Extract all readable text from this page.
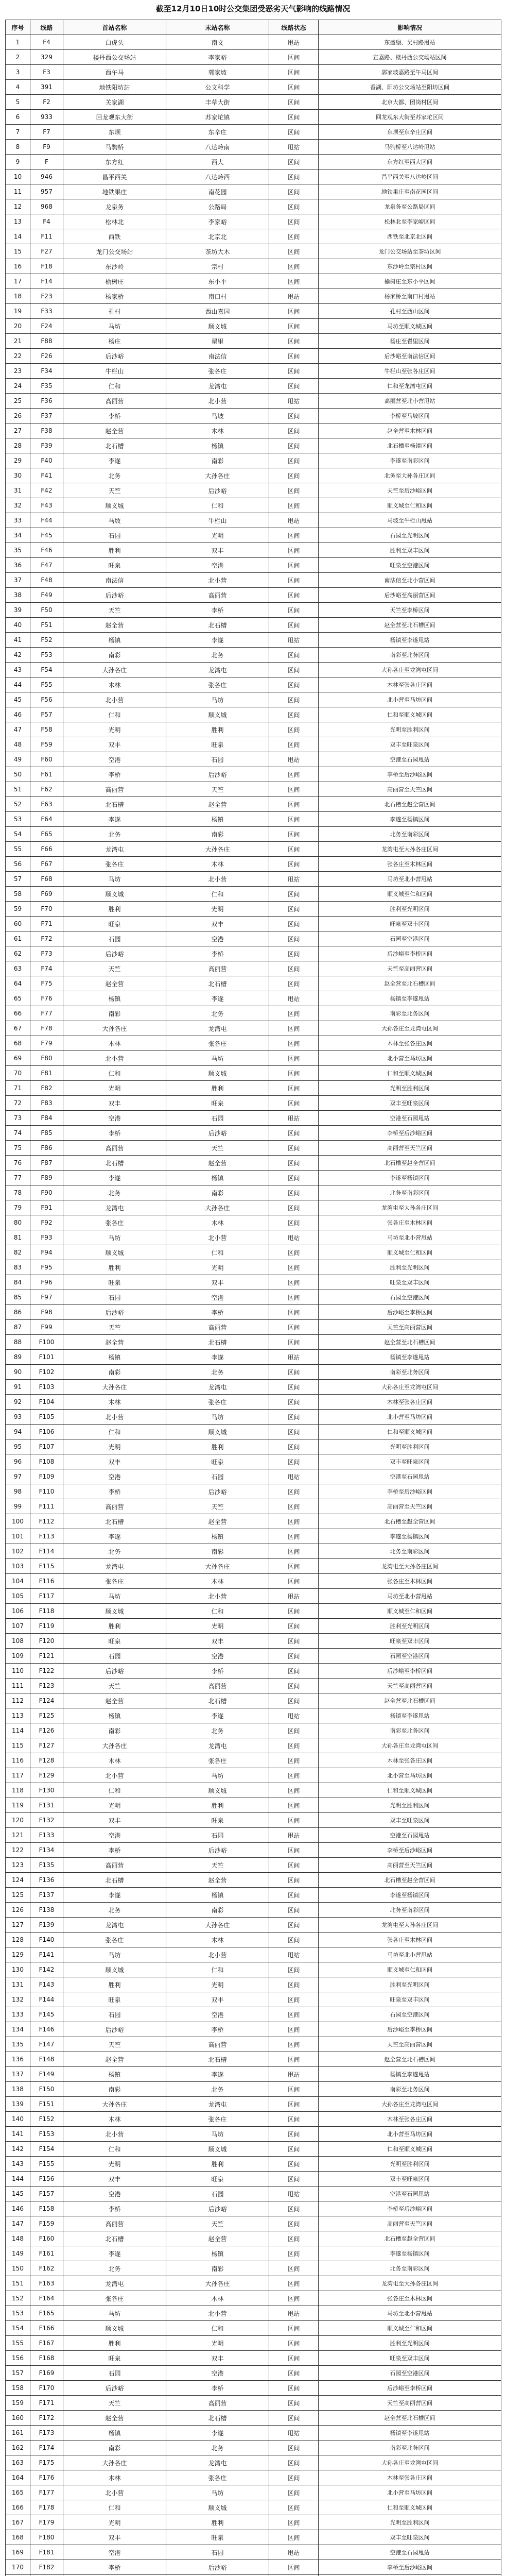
截至12月10日10时公交集团受恶劣天气影响的线路情况
序号	线路	首站名称	末站名称	线路状态	影响情况
1	F4	白虎头	南文	甩站	东盛堡、吴村路甩站
2	329	楼丹西公交场站	李家峪	区间	宣嘉路、楼丹西公交场站区间
3	F3	西午马	郭家坡	区间	郭家坡嘉路至午马区间
4	391	地铁阳坊站	公文科学	区间	香湖、阳坊公交场站至阳坊区间
5	F2	关家湖	丰草大街	区间	北京大都、团岗村区间
6	933	回龙观东大街	苏家坨镇	区间	回龙观东大街至苏家坨区间
7	F7	东坝	东辛庄	区间	东坝至东辛庄区间
8	F9	马驹桥	八达岭南	甩站	马驹桥至八达岭甩站
9	F	东方红	西大	区间	东方红至西大区间
10	946	昌平西关	八达岭西	区间	昌平西关至八达岭区间
11	957	地铁果庄	南花园	区间	地铁果庄至南花园区间
12	968	龙泉务	公路局	区间	龙泉务至公路局区间
13	F4	松林北	李家峪	区间	松林北至李家峪区间
14	F11	西铁	北京北	区间	西铁至北京北区间
15	F27	龙门公交场站	茶坊大木	区间	龙门公交场站至茶坊区间
16	F18	东沙岭	宗村	区间	东沙岭至宗村区间
17	F14	榆树庄	东小平	区间	榆树庄至东小平区间
18	F23	杨家桥	南口村	甩站	杨家桥至南口村甩站
19	F33	孔村	西山嘉园	区间	孔村至西山区间
20	F24	马坊	顺义城	区间	马坊至顺义城区间
21	F88	杨庄	翟里	区间	杨庄至翟里区间
22	F26	后沙峪	南法信	区间	后沙峪至南法信区间
23	F34	牛栏山	张各庄	区间	牛栏山至张各庄区间
24	F35	仁和	龙湾屯	区间	仁和至龙湾屯区间
25	F36	高丽营	北小营	甩站	高丽营至北小营甩站
26	F37	李桥	马坡	区间	李桥至马坡区间
27	F38	赵全营	木林	区间	赵全营至木林区间
28	F39	北石槽	杨镇	区间	北石槽至杨镇区间
29	F40	李遂	南彩	区间	李遂至南彩区间
30	F41	北务	大孙各庄	区间	北务至大孙各庄区间
31	F42	天竺	后沙峪	区间	天竺至后沙峪区间
32	F43	顺义城	仁和	区间	顺义城至仁和区间
33	F44	马坡	牛栏山	甩站	马坡至牛栏山甩站
34	F45	石园	光明	区间	石园至光明区间
35	F46	胜利	双丰	区间	胜利至双丰区间
36	F47	旺泉	空港	区间	旺泉至空港区间
37	F48	南法信	北小营	区间	南法信至北小营区间
38	F49	后沙峪	高丽营	区间	后沙峪至高丽营区间
39	F50	天竺	李桥	区间	天竺至李桥区间
40	F51	赵全营	北石槽	区间	赵全营至北石槽区间
41	F52	杨镇	李遂	甩站	杨镇至李遂甩站
42	F53	南彩	北务	区间	南彩至北务区间
43	F54	大孙各庄	龙湾屯	区间	大孙各庄至龙湾屯区间
44	F55	木林	张各庄	区间	木林至张各庄区间
45	F56	北小营	马坊	区间	北小营至马坊区间
46	F57	仁和	顺义城	区间	仁和至顺义城区间
47	F58	光明	胜利	区间	光明至胜利区间
48	F59	双丰	旺泉	区间	双丰至旺泉区间
49	F60	空港	石园	甩站	空港至石园甩站
50	F61	李桥	后沙峪	区间	李桥至后沙峪区间
51	F62	高丽营	天竺	区间	高丽营至天竺区间
52	F63	北石槽	赵全营	区间	北石槽至赵全营区间
53	F64	李遂	杨镇	区间	李遂至杨镇区间
54	F65	北务	南彩	区间	北务至南彩区间
55	F66	龙湾屯	大孙各庄	区间	龙湾屯至大孙各庄区间
56	F67	张各庄	木林	区间	张各庄至木林区间
57	F68	马坊	北小营	甩站	马坊至北小营甩站
58	F69	顺义城	仁和	区间	顺义城至仁和区间
59	F70	胜利	光明	区间	胜利至光明区间
60	F71	旺泉	双丰	区间	旺泉至双丰区间
61	F72	石园	空港	区间	石园至空港区间
62	F73	后沙峪	李桥	区间	后沙峪至李桥区间
63	F74	天竺	高丽营	区间	天竺至高丽营区间
64	F75	赵全营	北石槽	区间	赵全营至北石槽区间
65	F76	杨镇	李遂	甩站	杨镇至李遂甩站
66	F77	南彩	北务	区间	南彩至北务区间
67	F78	大孙各庄	龙湾屯	区间	大孙各庄至龙湾屯区间
68	F79	木林	张各庄	区间	木林至张各庄区间
69	F80	北小营	马坊	区间	北小营至马坊区间
70	F81	仁和	顺义城	区间	仁和至顺义城区间
71	F82	光明	胜利	区间	光明至胜利区间
72	F83	双丰	旺泉	区间	双丰至旺泉区间
73	F84	空港	石园	甩站	空港至石园甩站
74	F85	李桥	后沙峪	区间	李桥至后沙峪区间
75	F86	高丽营	天竺	区间	高丽营至天竺区间
76	F87	北石槽	赵全营	区间	北石槽至赵全营区间
77	F89	李遂	杨镇	区间	李遂至杨镇区间
78	F90	北务	南彩	区间	北务至南彩区间
79	F91	龙湾屯	大孙各庄	区间	龙湾屯至大孙各庄区间
80	F92	张各庄	木林	区间	张各庄至木林区间
81	F93	马坊	北小营	甩站	马坊至北小营甩站
82	F94	顺义城	仁和	区间	顺义城至仁和区间
83	F95	胜利	光明	区间	胜利至光明区间
84	F96	旺泉	双丰	区间	旺泉至双丰区间
85	F97	石园	空港	区间	石园至空港区间
86	F98	后沙峪	李桥	区间	后沙峪至李桥区间
87	F99	天竺	高丽营	区间	天竺至高丽营区间
88	F100	赵全营	北石槽	区间	赵全营至北石槽区间
89	F101	杨镇	李遂	甩站	杨镇至李遂甩站
90	F102	南彩	北务	区间	南彩至北务区间
91	F103	大孙各庄	龙湾屯	区间	大孙各庄至龙湾屯区间
92	F104	木林	张各庄	区间	木林至张各庄区间
93	F105	北小营	马坊	区间	北小营至马坊区间
94	F106	仁和	顺义城	区间	仁和至顺义城区间
95	F107	光明	胜利	区间	光明至胜利区间
96	F108	双丰	旺泉	区间	双丰至旺泉区间
97	F109	空港	石园	甩站	空港至石园甩站
98	F110	李桥	后沙峪	区间	李桥至后沙峪区间
99	F111	高丽营	天竺	区间	高丽营至天竺区间
100	F112	北石槽	赵全营	区间	北石槽至赵全营区间
101	F113	李遂	杨镇	区间	李遂至杨镇区间
102	F114	北务	南彩	区间	北务至南彩区间
103	F115	龙湾屯	大孙各庄	区间	龙湾屯至大孙各庄区间
104	F116	张各庄	木林	区间	张各庄至木林区间
105	F117	马坊	北小营	甩站	马坊至北小营甩站
106	F118	顺义城	仁和	区间	顺义城至仁和区间
107	F119	胜利	光明	区间	胜利至光明区间
108	F120	旺泉	双丰	区间	旺泉至双丰区间
109	F121	石园	空港	区间	石园至空港区间
110	F122	后沙峪	李桥	区间	后沙峪至李桥区间
111	F123	天竺	高丽营	区间	天竺至高丽营区间
112	F124	赵全营	北石槽	区间	赵全营至北石槽区间
113	F125	杨镇	李遂	甩站	杨镇至李遂甩站
114	F126	南彩	北务	区间	南彩至北务区间
115	F127	大孙各庄	龙湾屯	区间	大孙各庄至龙湾屯区间
116	F128	木林	张各庄	区间	木林至张各庄区间
117	F129	北小营	马坊	区间	北小营至马坊区间
118	F130	仁和	顺义城	区间	仁和至顺义城区间
119	F131	光明	胜利	区间	光明至胜利区间
120	F132	双丰	旺泉	区间	双丰至旺泉区间
121	F133	空港	石园	甩站	空港至石园甩站
122	F134	李桥	后沙峪	区间	李桥至后沙峪区间
123	F135	高丽营	天竺	区间	高丽营至天竺区间
124	F136	北石槽	赵全营	区间	北石槽至赵全营区间
125	F137	李遂	杨镇	区间	李遂至杨镇区间
126	F138	北务	南彩	区间	北务至南彩区间
127	F139	龙湾屯	大孙各庄	区间	龙湾屯至大孙各庄区间
128	F140	张各庄	木林	区间	张各庄至木林区间
129	F141	马坊	北小营	甩站	马坊至北小营甩站
130	F142	顺义城	仁和	区间	顺义城至仁和区间
131	F143	胜利	光明	区间	胜利至光明区间
132	F144	旺泉	双丰	区间	旺泉至双丰区间
133	F145	石园	空港	区间	石园至空港区间
134	F146	后沙峪	李桥	区间	后沙峪至李桥区间
135	F147	天竺	高丽营	区间	天竺至高丽营区间
136	F148	赵全营	北石槽	区间	赵全营至北石槽区间
137	F149	杨镇	李遂	甩站	杨镇至李遂甩站
138	F150	南彩	北务	区间	南彩至北务区间
139	F151	大孙各庄	龙湾屯	区间	大孙各庄至龙湾屯区间
140	F152	木林	张各庄	区间	木林至张各庄区间
141	F153	北小营	马坊	区间	北小营至马坊区间
142	F154	仁和	顺义城	区间	仁和至顺义城区间
143	F155	光明	胜利	区间	光明至胜利区间
144	F156	双丰	旺泉	区间	双丰至旺泉区间
145	F157	空港	石园	甩站	空港至石园甩站
146	F158	李桥	后沙峪	区间	李桥至后沙峪区间
147	F159	高丽营	天竺	区间	高丽营至天竺区间
148	F160	北石槽	赵全营	区间	北石槽至赵全营区间
149	F161	李遂	杨镇	区间	李遂至杨镇区间
150	F162	北务	南彩	区间	北务至南彩区间
151	F163	龙湾屯	大孙各庄	区间	龙湾屯至大孙各庄区间
152	F164	张各庄	木林	区间	张各庄至木林区间
153	F165	马坊	北小营	甩站	马坊至北小营甩站
154	F166	顺义城	仁和	区间	顺义城至仁和区间
155	F167	胜利	光明	区间	胜利至光明区间
156	F168	旺泉	双丰	区间	旺泉至双丰区间
157	F169	石园	空港	区间	石园至空港区间
158	F170	后沙峪	李桥	区间	后沙峪至李桥区间
159	F171	天竺	高丽营	区间	天竺至高丽营区间
160	F172	赵全营	北石槽	区间	赵全营至北石槽区间
161	F173	杨镇	李遂	甩站	杨镇至李遂甩站
162	F174	南彩	北务	区间	南彩至北务区间
163	F175	大孙各庄	龙湾屯	区间	大孙各庄至龙湾屯区间
164	F176	木林	张各庄	区间	木林至张各庄区间
165	F177	北小营	马坊	区间	北小营至马坊区间
166	F178	仁和	顺义城	区间	仁和至顺义城区间
167	F179	光明	胜利	区间	光明至胜利区间
168	F180	双丰	旺泉	区间	双丰至旺泉区间
169	F181	空港	石园	甩站	空港至石园甩站
170	F182	李桥	后沙峪	区间	李桥至后沙峪区间
